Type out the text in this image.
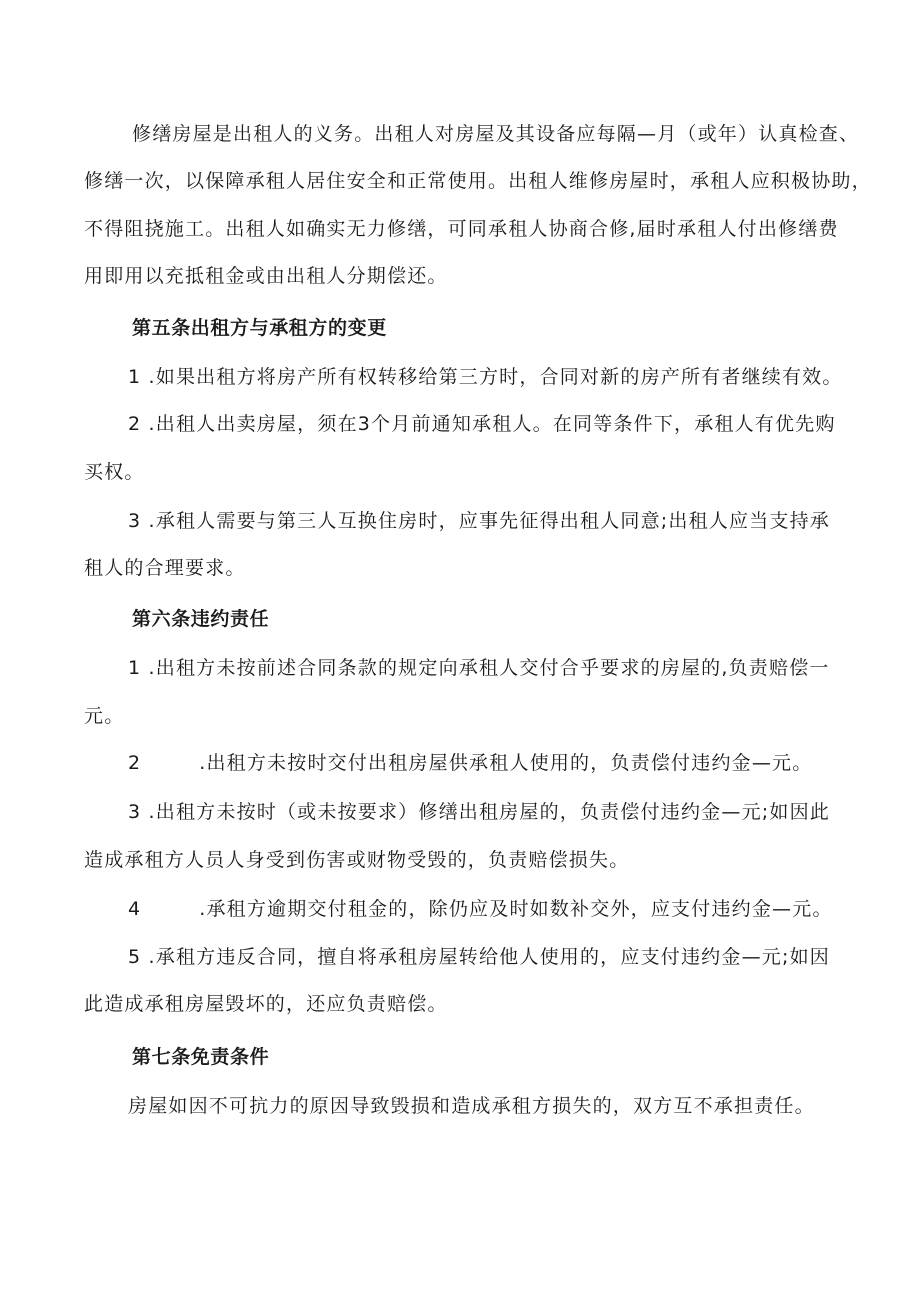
修缮房屋是出租人的义务。出租人对房屋及其设备应每隔—月（或年）认真检查、
修缮一次，以保障承租人居住安全和正常使用。出租人维修房屋时，承租人应积极协助，
不得阻挠施工。出租人如确实无力修缮，可同承租人协商合修,届时承租人付出修缮费
用即用以充抵租金或由出租人分期偿还。
第五条出租方与承租方的变更
1 .如果出租方将房产所有权转移给第三方时，合同对新的房产所有者继续有效。
2 .出租人出卖房屋，须在3个月前通知承租人。在同等条件下，承租人有优先购
买权。
3 .承租人需要与第三人互换住房时，应事先征得出租人同意;出租人应当支持承
租人的合理要求。
第六条违约责任
1 .出租方未按前述合同条款的规定向承租人交付合乎要求的房屋的,负责赔偿一
元。
2        .出租方未按时交付出租房屋供承租人使用的，负责偿付违约金—元。
3 .出租方未按时（或未按要求）修缮出租房屋的，负责偿付违约金—元;如因此
造成承租方人员人身受到伤害或财物受毁的，负责赔偿损失。
4        .承租方逾期交付租金的，除仍应及时如数补交外，应支付违约金—元。
5 .承租方违反合同，擅自将承租房屋转给他人使用的，应支付违约金—元;如因
此造成承租房屋毁坏的，还应负责赔偿。
第七条免责条件
房屋如因不可抗力的原因导致毁损和造成承租方损失的，双方互不承担责任。
